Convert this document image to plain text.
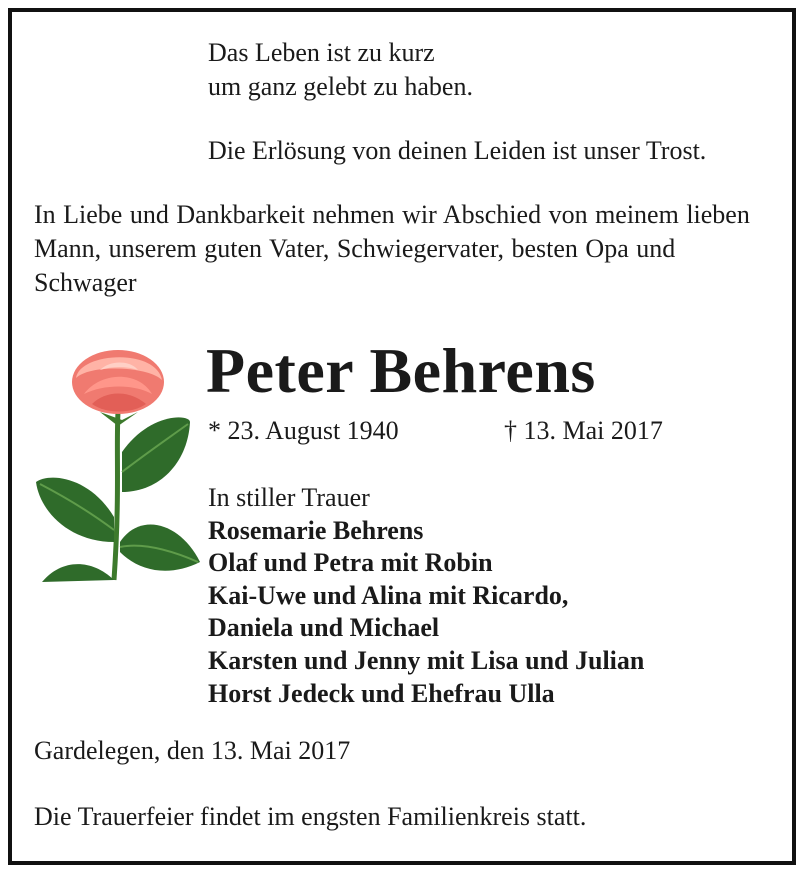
Das Leben ist zu kurz
um ganz gelebt zu haben.

Die Erlösung von deinen Leiden ist unser Trost.

In Liebe und Dankbarkeit nehmen wir Abschied von meinem lieben Mann, unserem guten Vater, Schwiegervater, besten Opa und Schwager

Peter Behrens

* 23. August 1940	† 13. Mai 2017

In stiller Trauer
Rosemarie Behrens
Olaf und Petra mit Robin
Kai-Uwe und Alina mit Ricardo,
Daniela und Michael
Karsten und Jenny mit Lisa und Julian
Horst Jedeck und Ehefrau Ulla

Gardelegen, den 13. Mai 2017

Die Trauerfeier findet im engsten Familienkreis statt.
